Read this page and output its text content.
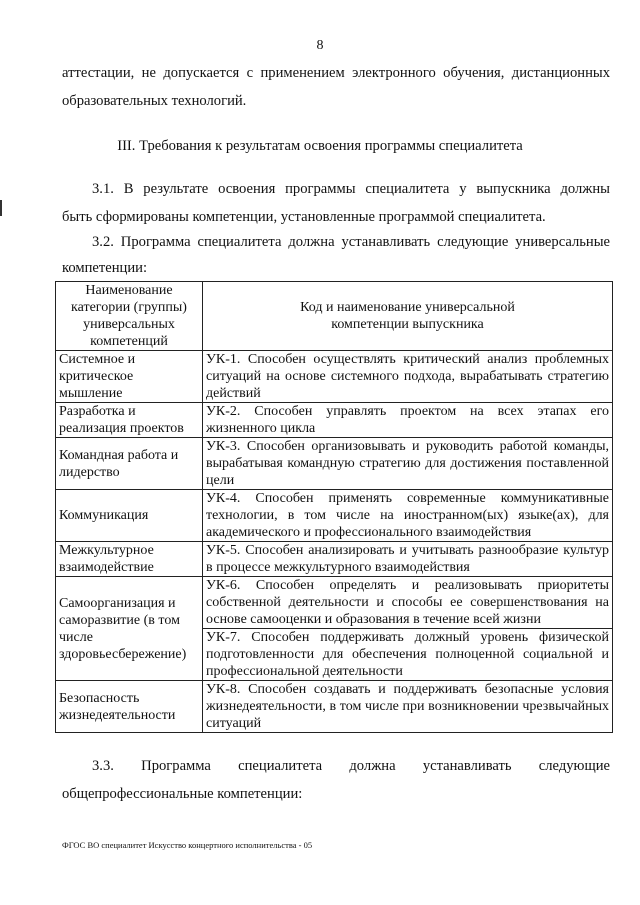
8
аттестации, не допускается с применением электронного обучения, дистанционных
образовательных технологий.
III. Требования к результатам освоения программы специалитета
3.1. В результате освоения программы специалитета у выпускника должны
быть сформированы компетенции, установленные программой специалитета.
3.2. Программа специалитета должна устанавливать следующие универсальные
компетенции:
Наименование категории (группы) универсальных компетенций	Код и наименование универсальной компетенции выпускника
Системное и критическое мышление	УК-1. Способен осуществлять критический анализ проблемных ситуаций на основе системного подхода, вырабатывать стратегию действий
Разработка и реализация проектов	УК-2. Способен управлять проектом на всех этапах его жизненного цикла
Командная работа и лидерство	УК-3. Способен организовывать и руководить работой команды, вырабатывая командную стратегию для достижения поставленной цели
Коммуникация	УК-4. Способен применять современные коммуникативные технологии, в том числе на иностранном(ых) языке(ах), для академического и профессионального взаимодействия
Межкультурное взаимодействие	УК-5. Способен анализировать и учитывать разнообразие культур в процессе межкультурного взаимодействия
Самоорганизация и саморазвитие (в том числе здоровьесбережение)	УК-6. Способен определять и реализовывать приоритеты собственной деятельности и способы ее совершенствования на основе самооценки и образования в течение всей жизни
	УК-7. Способен поддерживать должный уровень физической подготовленности для обеспечения полноценной социальной и профессиональной деятельности
Безопасность жизнедеятельности	УК-8. Способен создавать и поддерживать безопасные условия жизнедеятельности, в том числе при возникновении чрезвычайных ситуаций
3.3. Программа специалитета должна устанавливать следующие
общепрофессиональные компетенции:
ФГОС ВО специалитет Искусство концертного исполнительства - 05
